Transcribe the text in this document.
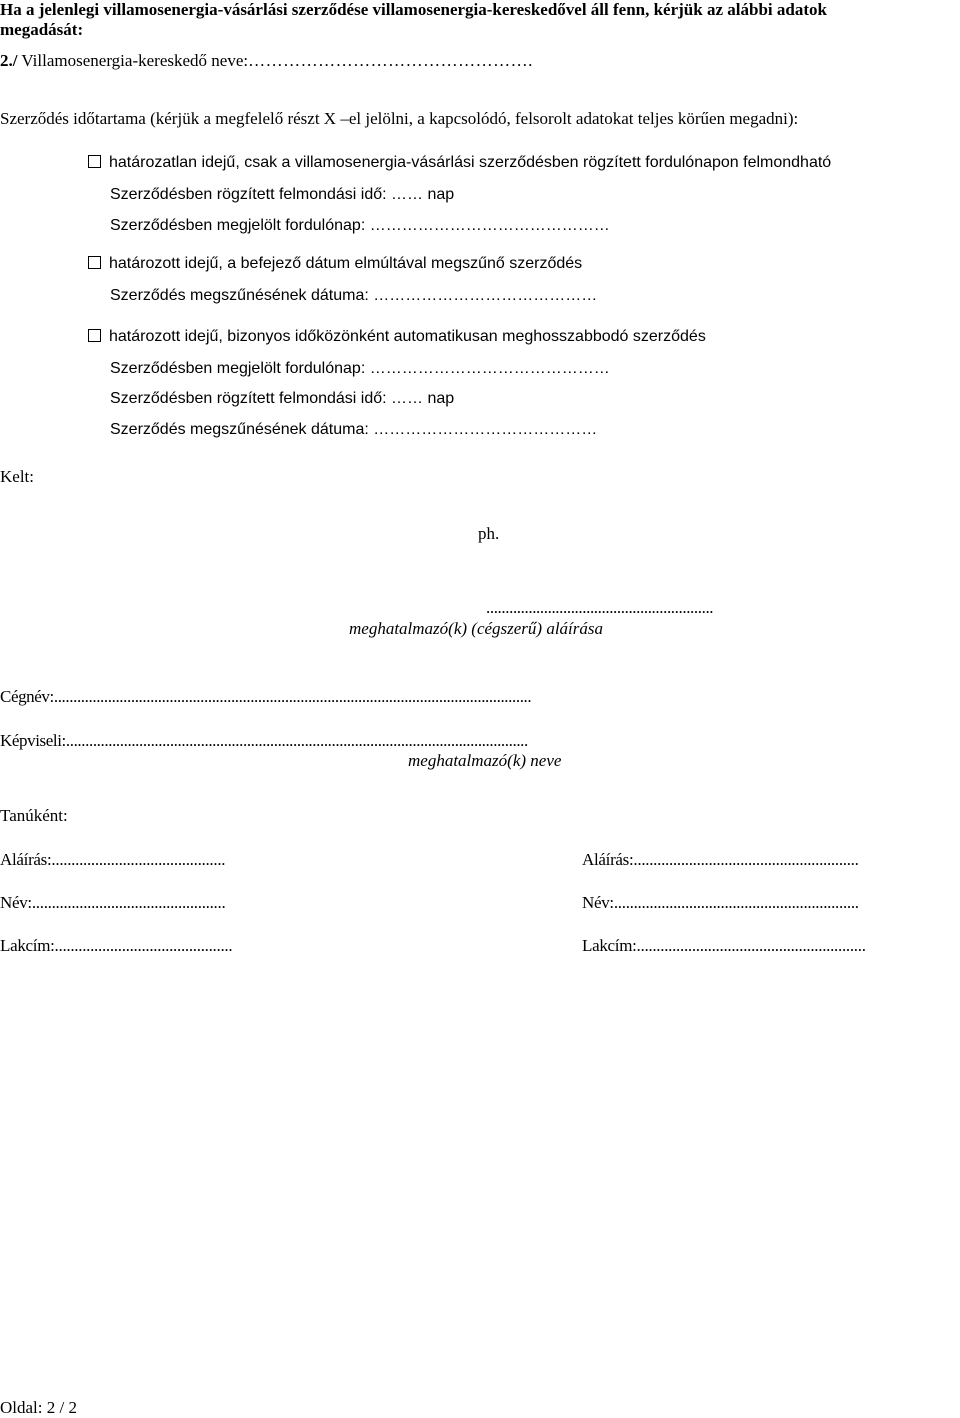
Ha a jelenlegi villamosenergia-vásárlási szerződése villamosenergia-kereskedővel áll fenn, kérjük az alábbi adatok
megadását:
2./ Villamosenergia-kereskedő neve:………………………………………….
Szerződés időtartama (kérjük a megfelelő részt X –el jelölni, a kapcsolódó, felsorolt adatokat teljes körűen megadni):
határozatlan idejű, csak a villamosenergia-vásárlási szerződésben rögzített fordulónapon felmondható
Szerződésben rögzített felmondási idő: …… nap
Szerződésben megjelölt fordulónap: ………………………………………
határozott idejű, a befejező dátum elmúltával megszűnő szerződés
Szerződés megszűnésének dátuma: ……………………………………
határozott idejű, bizonyos időközönként automatikusan meghosszabbodó szerződés
Szerződésben megjelölt fordulónap: ………………………………………
Szerződésben rögzített felmondási idő: …… nap
Szerződés megszűnésének dátuma: ……………………………………
Kelt:
ph.
...........................................................
meghatalmazó(k) (cégszerű) aláírása
Cégnév:............................................................................................................................
Képviseli:........................................................................................................................
meghatalmazó(k) neve
Tanúként:
Aláírás:............................................
Név:.................................................
Lakcím:.............................................
Aláírás:.........................................................
Név:..............................................................
Lakcím:..........................................................
Oldal: 2 / 2
